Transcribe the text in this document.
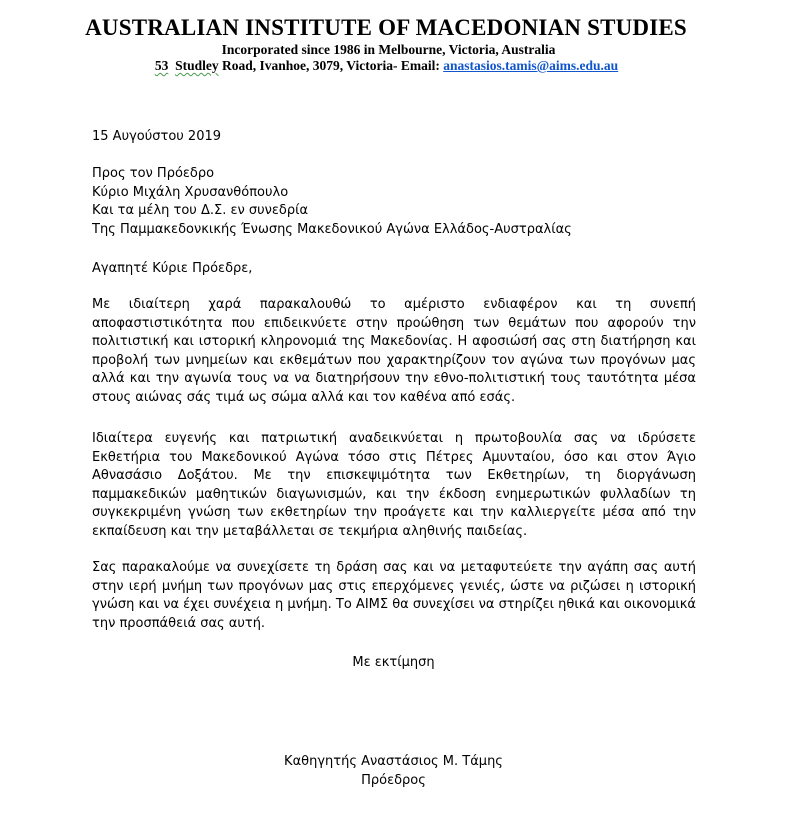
AUSTRALIAN INSTITUTE OF MACEDONIAN STUDIES
Incorporated since 1986 in Melbourne, Victoria, Australia
53 Studley Road, Ivanhoe, 3079, Victoria- Email: anastasios.tamis@aims.edu.au
15 Αυγούστου 2019
Προς τον Πρόεδρο
Κύριο Μιχάλη Χρυσανθόπουλο
Και τα μέλη του Δ.Σ. εν συνεδρία
Της Παμμακεδονκικής Ένωσης Μακεδονικού Αγώνα Ελλάδος-Αυστραλίας
Αγαπητέ Κύριε Πρόεδρε,
Με ιδιαίτερη χαρά παρακαλουθώ το αμέριστο ενδιαφέρον και τη συνεπή αποφαστιστικότητα που επιδεικνύετε στην προώθηση των θεμάτων που αφορούν την πολιτιστική και ιστορική κληρονομιά της Μακεδονίας. Η αφοσιώσή σας στη διατήρηση και προβολή των μνημείων και εκθεμάτων που χαρακτηρίζουν τον αγώνα των προγόνων μας αλλά και την αγωνία τους να να διατηρήσουν την εθνο-πολιτιστική τους ταυτότητα μέσα στους αιώνας σάς τιμά ως σώμα αλλά και τον καθένα από εσάς.
Ιδιαίτερα ευγενής και πατριωτική αναδεικνύεται η πρωτοβουλία σας να ιδρύσετε Εκθετήρια του Μακεδονικού Αγώνα τόσο στις Πέτρες Αμυνταίου, όσο και στον Άγιο Αθνασάσιο Δοξάτου. Με την επισκεψιμότητα των Εκθετηρίων, τη διοργάνωση παμμακεδικών μαθητικών διαγωνισμών, και την έκδοση ενημερωτικών φυλλαδίων τη συγκεκριμένη γνώση των εκθετηρίων την προάγετε και την καλλιεργείτε μέσα από την εκπαίδευση και την μεταβάλλεται σε τεκμήρια αληθινής παιδείας.
Σας παρακαλούμε να συνεχίσετε τη δράση σας και να μεταφυτεύετε την αγάπη σας αυτή στην ιερή μνήμη των προγόνων μας στις επερχόμενες γενιές, ώστε να ριζώσει η ιστορική γνώση και να έχει συνέχεια η μνήμη. Το ΑΙΜΣ θα συνεχίσει να στηρίζει ηθικά και οικονομικά την προσπάθειά σας αυτή.
Με εκτίμηση
Καθηγητής Αναστάσιος Μ. Τάμης
Πρόεδρος
